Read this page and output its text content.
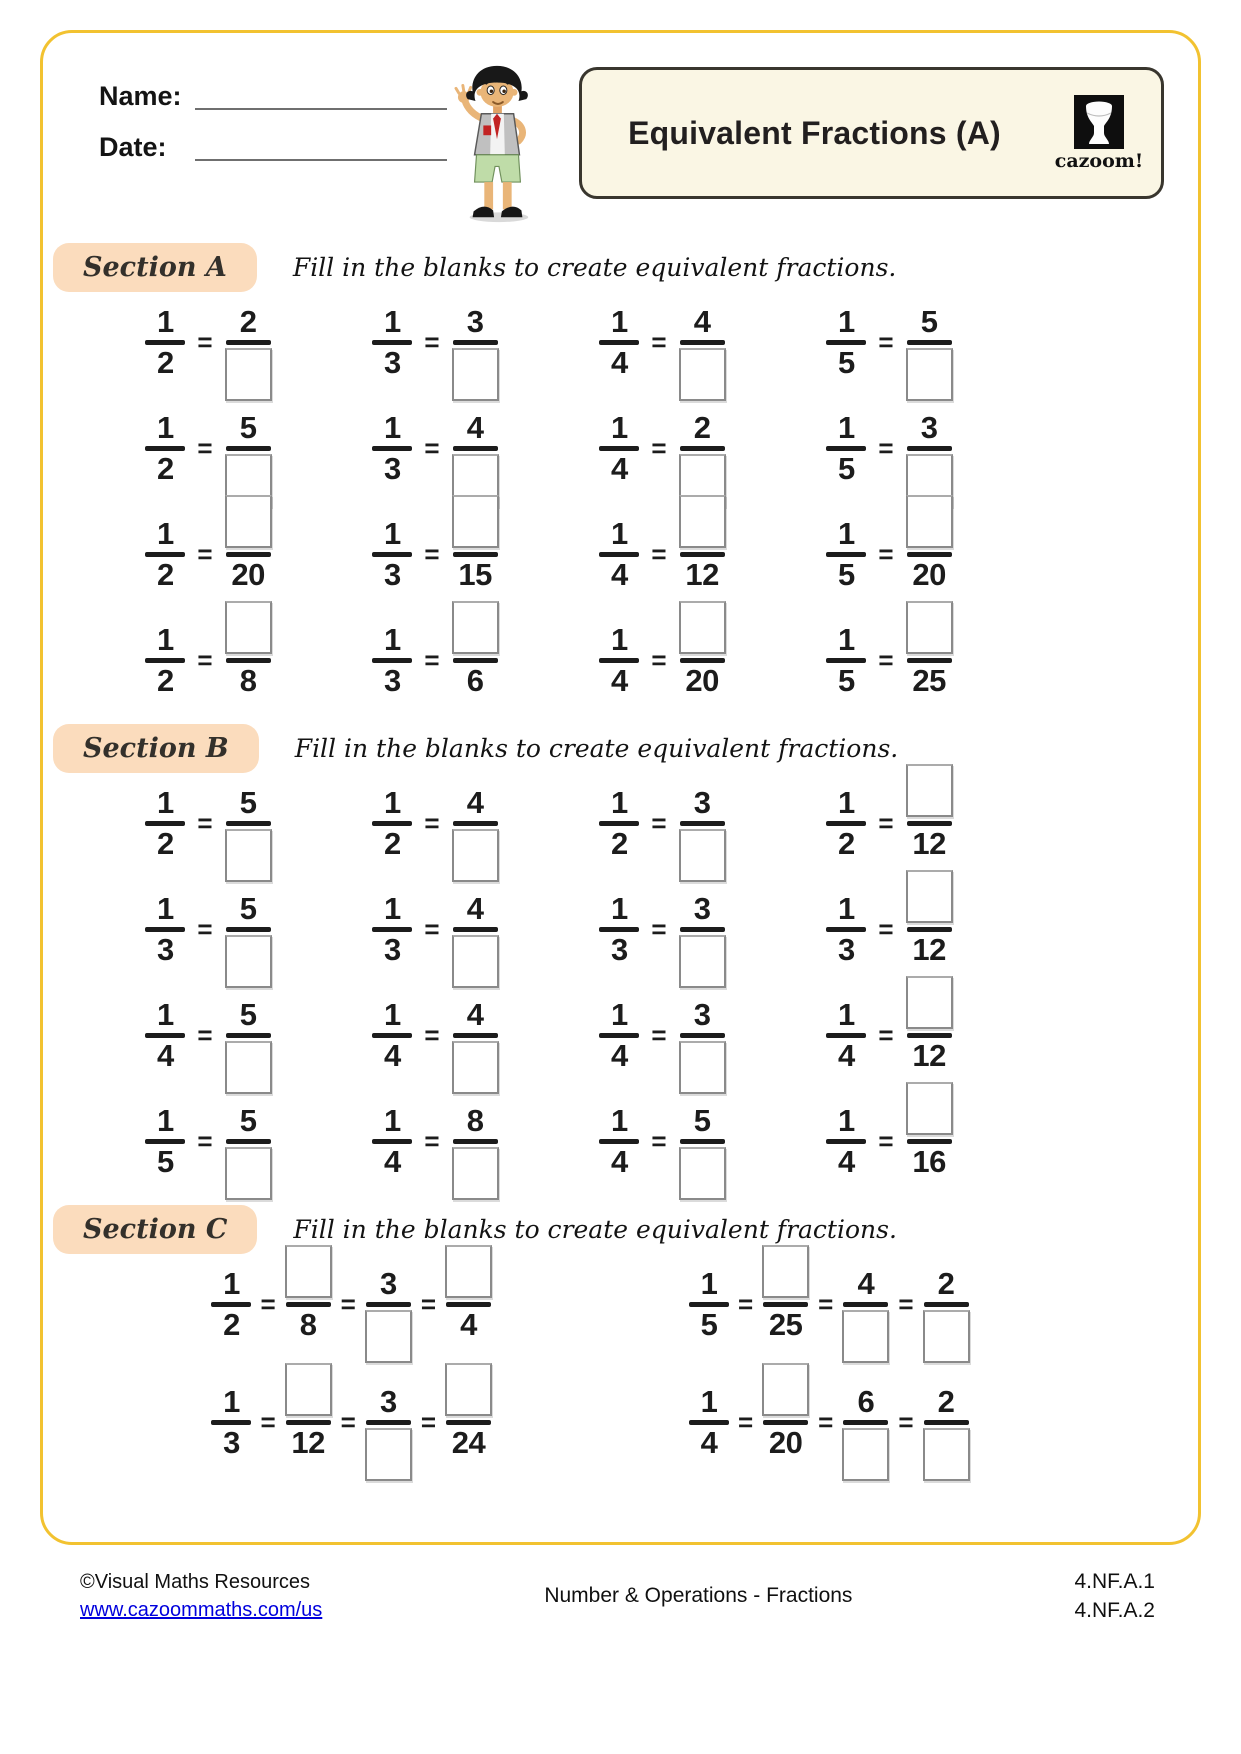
Name:
Date:	Equivalent Fractions (A)
cazoom!
Section A	Fill in the blanks to create equivalent fractions.
1
2
=
2	1
3
=
3	1
4
=
4	1
5
=
5
1
2
=
5	1
3
=
4	1
4
=
2	1
5
=
3
1
2
=
20
1
3
=
15
1
4
=
12
1
5
=
20
1
2
=
8
1
3
=
6
1
4
=
20
1
5
=
25
Section B	Fill in the blanks to create equivalent fractions.
1
2
=
5	1
2
=
4	1
2
=
3	1
2
=
12
1
3
=
5	1
3
=
4	1
3
=
3	1
3
=
12
1
4
=
5	1
4
=
4	1
4
=
3	1
4
=
12
1
5
=
5	1
4
=
8	1
4
=
5	1
4
=
16
Section C	Fill in the blanks to create equivalent fractions.
1
2
=
8
=
3
=
4
1
5
=
25
=
4
=
2
1
3
=
12
=
3
=
24
1
4
=
20
=
6
=
2
©Visual Maths Resources
www.cazoommaths.com/us
Number & Operations - Fractions
4.NF.A.1
4.NF.A.2
